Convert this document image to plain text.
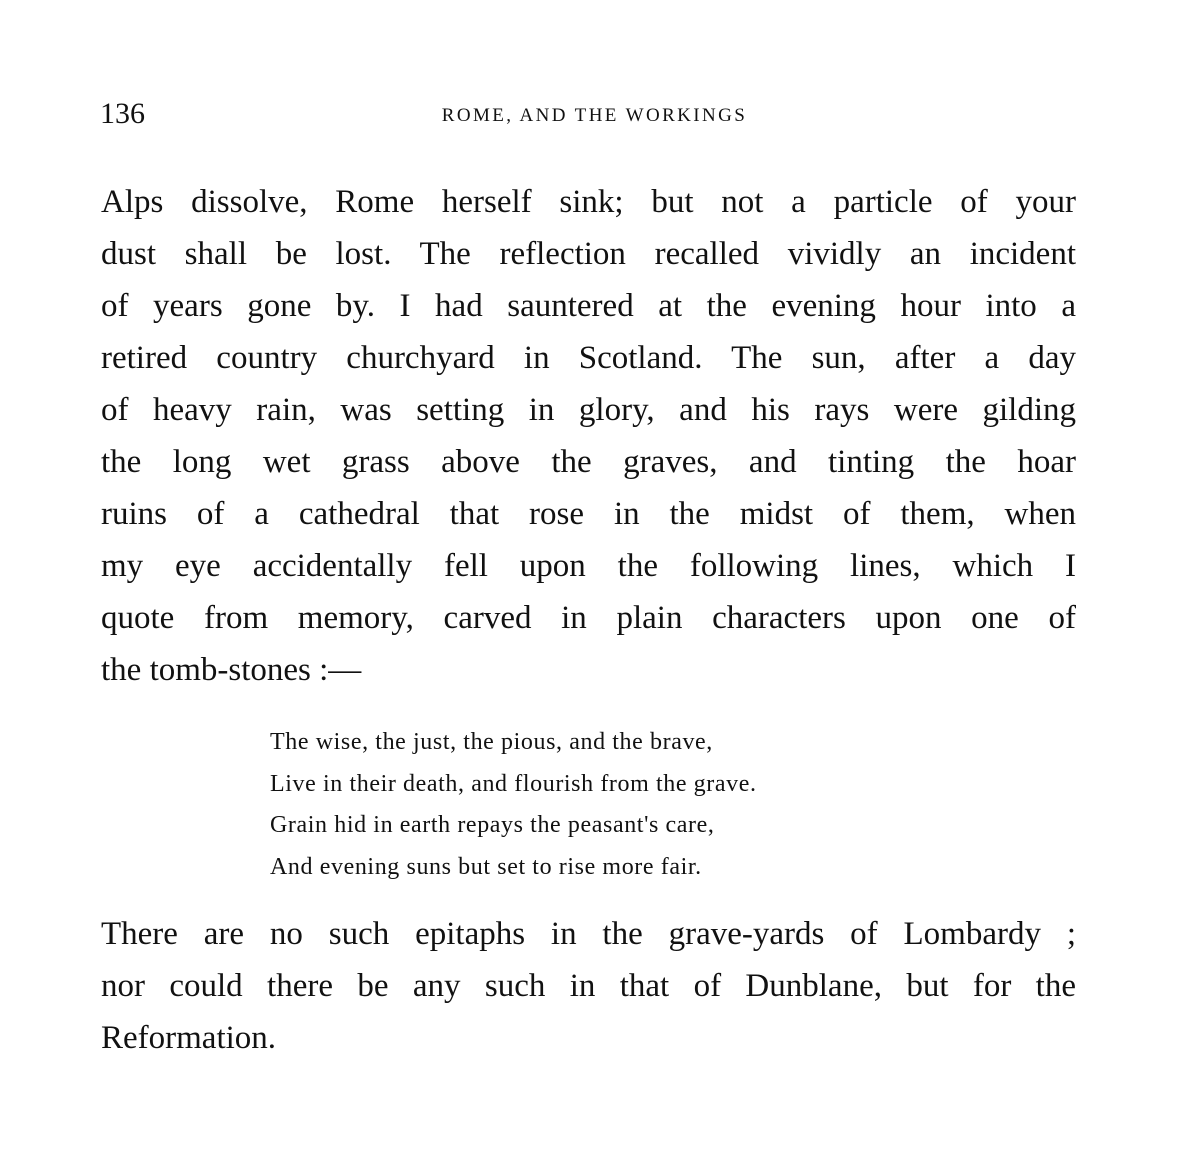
136	ROME, AND THE WORKINGS
Alps dissolve, Rome herself sink; but not a particle of your
dust shall be lost. The reflection recalled vividly an incident
of years gone by. I had sauntered at the evening hour into a
retired country churchyard in Scotland. The sun, after a day
of heavy rain, was setting in glory, and his rays were gilding
the long wet grass above the graves, and tinting the hoar
ruins of a cathedral that rose in the midst of them, when
my eye accidentally fell upon the following lines, which I
quote from memory, carved in plain characters upon one of
the tomb-stones :—
The wise, the just, the pious, and the brave,
Live in their death, and flourish from the grave.
Grain hid in earth repays the peasant's care,
And evening suns but set to rise more fair.
There are no such epitaphs in the grave-yards of Lombardy ;
nor could there be any such in that of Dunblane, but for the
Reformation.
